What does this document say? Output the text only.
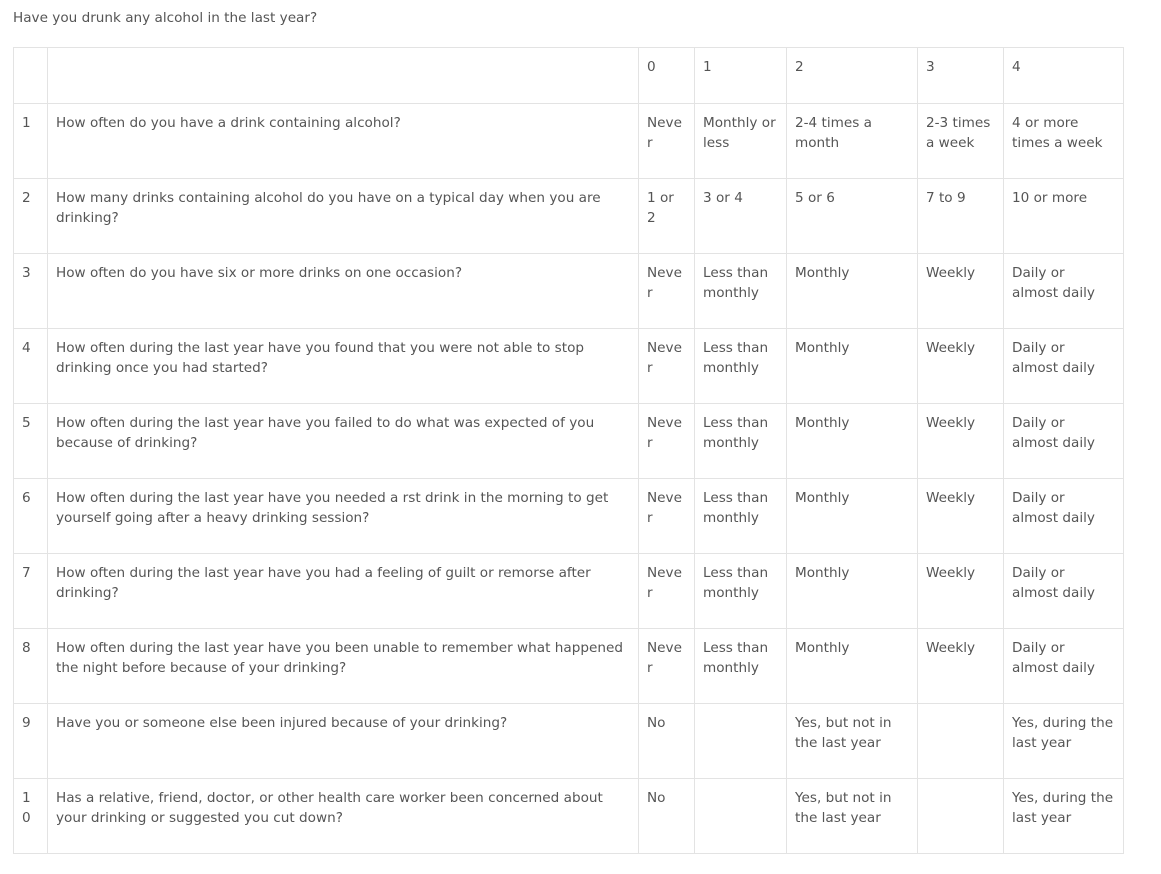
Have you drunk any alcohol in the last year?
		0	1	2	3	4
1	How often do you have a drink containing alcohol?	Never	Monthly or less	2-4 times a month	2-3 times a week	4 or more times a week
2	How many drinks containing alcohol do you have on a typical day when you are drinking?	1 or 2	3 or 4	5 or 6	7 to 9	10 or more
3	How often do you have six or more drinks on one occasion?	Never	Less than monthly	Monthly	Weekly	Daily or almost daily
4	How often during the last year have you found that you were not able to stop drinking once you had started?	Never	Less than monthly	Monthly	Weekly	Daily or almost daily
5	How often during the last year have you failed to do what was expected of you because of drinking?	Never	Less than monthly	Monthly	Weekly	Daily or almost daily
6	How often during the last year have you needed a rst drink in the morning to get yourself going after a heavy drinking session?	Never	Less than monthly	Monthly	Weekly	Daily or almost daily
7	How often during the last year have you had a feeling of guilt or remorse after drinking?	Never	Less than monthly	Monthly	Weekly	Daily or almost daily
8	How often during the last year have you been unable to remember what happened the night before because of your drinking?	Never	Less than monthly	Monthly	Weekly	Daily or almost daily
9	Have you or someone else been injured because of your drinking?	No		Yes, but not in the last year		Yes, during the last year
10	Has a relative, friend, doctor, or other health care worker been concerned about your drinking or suggested you cut down?	No		Yes, but not in the last year		Yes, during the last year
